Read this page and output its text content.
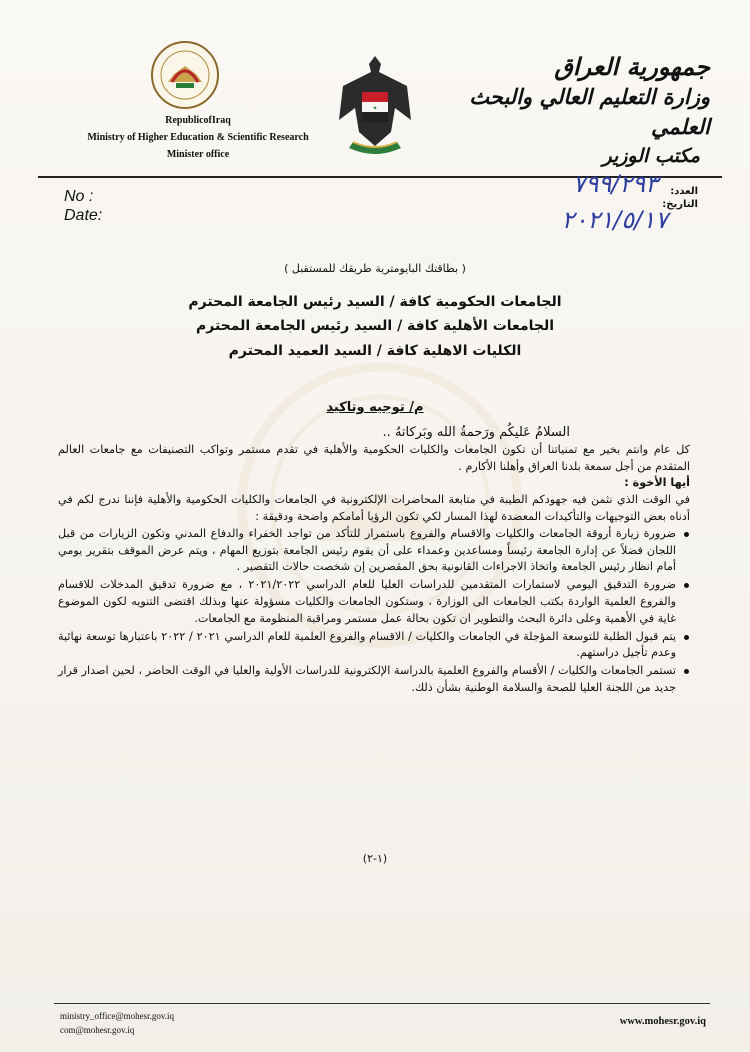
RepublicofIraq
Ministry of Higher Education & Scientific Research
Minister office
✦
جمهورية العراق
وزارة التعليم العالي والبحث العلمي
مكتب الوزير
No :
Date:
العدد:
التاريخ:
٧٩٩/٢٩٣
٢٠٢١/٥/١٧
( بطاقتك البايومترية طريقك للمستقبل )
الجامعات الحكومية كافة / السيد رئيس الجامعة المحترم
الجامعات الأهلية كافة / السيد رئيس الجامعة المحترم
الكليات الاهلية كافة / السيد العميد المحترم
م/ توجيه وتاكيد

السلامُ عَليكُم ورَحمةُ الله وبَركاتهُ ..

كل عام وانتم بخير مع تمنياتنا أن تكون الجامعات والكليات الحكومية والأهلية في تقدم مستمر وتواكب التصنيفات مع جامعات العالم المتقدم من أجل سمعة بلدنا العراق وأهلنا الأكارم .

أيها الأخوة :

في الوقت الذي نثمن فيه جهودكم الطيبة في متابعة المحاضرات الإلكترونية في الجامعات والكليات الحكومية والأهلية فإننا ندرج لكم في أدناه بعض التوجيهات والتأكيدات المعضدة لهذا المسار لكي تكون الرؤيا أمامكم واضحة ودقيقة :

ضرورة زيارة أروقة الجامعات والكليات والاقسام والفروع باستمرار للتأكد من تواجد الخفراء والدفاع المدني وتكون الزيارات من قبل اللجان فضلاً عن إدارة الجامعة رئيساً ومساعدين وعمداء على أن يقوم رئيس الجامعة بتوزيع المهام ، ويتم عرض الموقف بتقرير يومي أمام انظار رئيس الجامعة واتخاذ الاجراءات القانونية بحق المقصرين إن شخصت حالات التقصير .
ضرورة التدقيق اليومي لاستمارات المتقدمين للدراسات العليا للعام الدراسي ٢٠٢١/٢٠٢٢ ، مع ضرورة تدقيق المدخلات للاقسام والفروع العلمية الواردة بكتب الجامعات الى الوزارة ، وستكون الجامعات والكليات مسؤولة عنها وبذلك اقتضى التنويه لكون الموضوع غاية في الأهمية وعلى دائرة البحث والتطوير ان تكون بحالة عمل مستمر ومراقبة المنظومة مع الجامعات.
يتم قبول الطلبة للتوسعة المؤجلة في الجامعات والكليات / الاقسام والفروع العلمية للعام الدراسي ٢٠٢١ / ٢٠٢٢ باعتبارها توسعة نهائية وعدم تأجيل دراستهم.
تستمر الجامعات والكليات / الأقسام والفروع العلمية بالدراسة الإلكترونية للدراسات الأولية والعليا في الوقت الحاضر ، لحين اصدار قرار جديد من اللجنة العليا للصحة والسلامة الوطنية بشأن ذلك.
(١-٢)
ministry_office@mohesr.gov.iq
com@mohesr.gov.iq
www.mohesr.gov.iq
